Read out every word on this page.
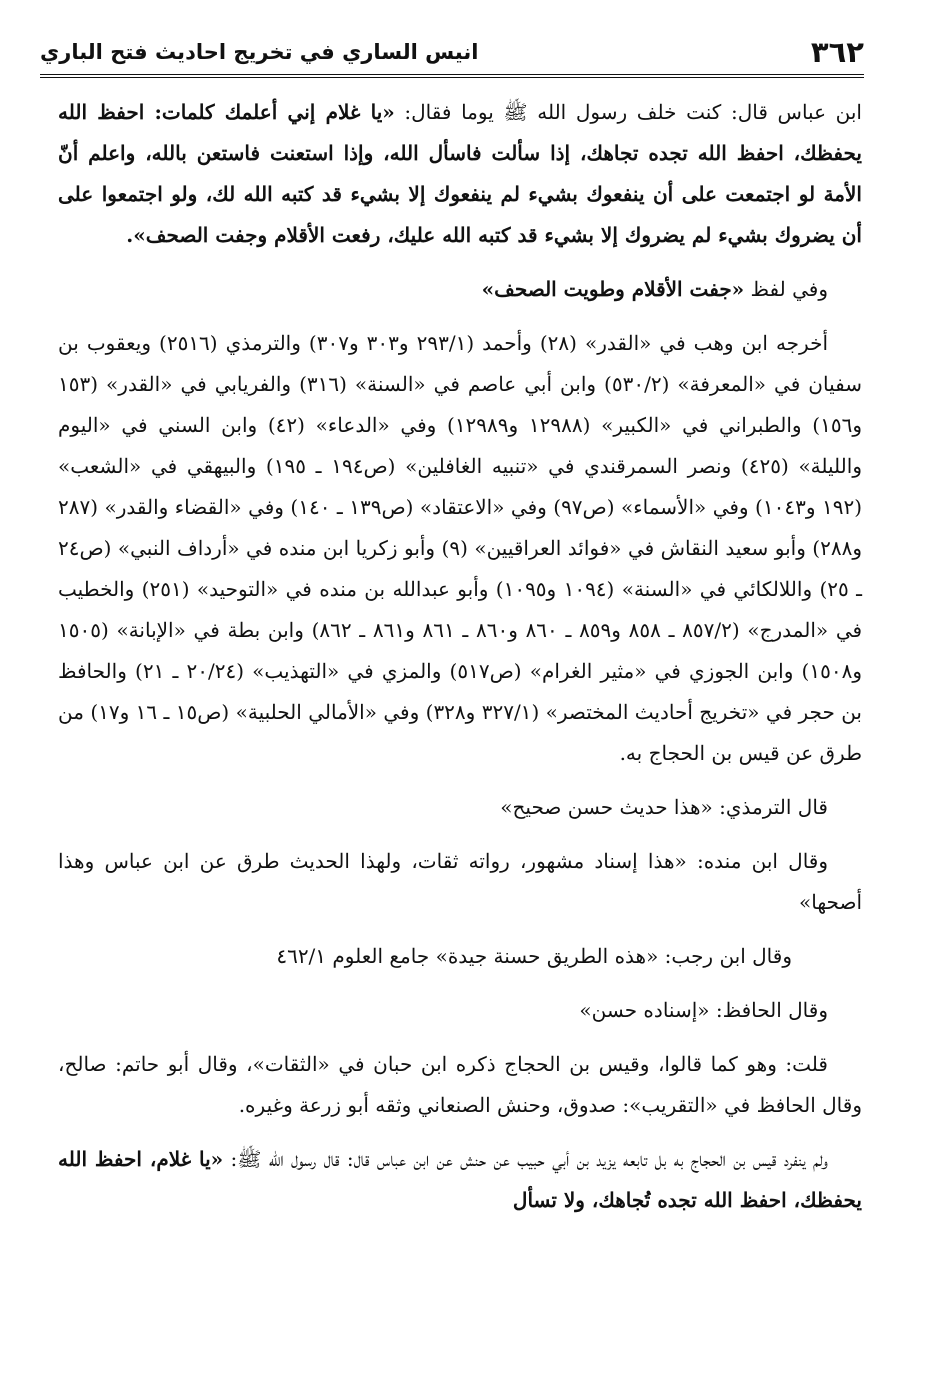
٣٦٢
انيس الساري في تخريج احاديث فتح الباري

ابن عباس قال: كنت خلف رسول الله ﷺ يوما فقال: «يا غلام إني أعلمك كلمات: احفظ الله يحفظك، احفظ الله تجده تجاهك، إذا سألت فاسأل الله، وإذا استعنت فاستعن بالله، واعلم أنّ الأمة لو اجتمعت على أن ينفعوك بشيء لم ينفعوك إلا بشيء قد كتبه الله لك، ولو اجتمعوا على أن يضروك بشيء لم يضروك إلا بشيء قد كتبه الله عليك، رفعت الأقلام وجفت الصحف».

وفي لفظ «جفت الأقلام وطويت الصحف»

أخرجه ابن وهب في «القدر» (٢٨) وأحمد (٢٩٣/١ و٣٠٣ و٣٠٧) والترمذي (٢٥١٦) ويعقوب بن سفيان في «المعرفة» (٥٣٠/٢) وابن أبي عاصم في «السنة» (٣١٦) والفريابي في «القدر» (١٥٣ و١٥٦) والطبراني في «الكبير» (١٢٩٨٨ و١٢٩٨٩) وفي «الدعاء» (٤٢) وابن السني في «اليوم والليلة» (٤٢٥) ونصر السمرقندي في «تنبيه الغافلين» (ص١٩٤ ـ ١٩٥) والبيهقي في «الشعب» (١٩٢ و١٠٤٣) وفي «الأسماء» (ص٩٧) وفي «الاعتقاد» (ص١٣٩ ـ ١٤٠) وفي «القضاء والقدر» (٢٨٧ و٢٨٨) وأبو سعيد النقاش في «فوائد العراقيين» (٩) وأبو زكريا ابن منده في «أرداف النبي» (ص٢٤ ـ ٢٥) واللالكائي في «السنة» (١٠٩٤ و١٠٩٥) وأبو عبدالله بن منده في «التوحيد» (٢٥١) والخطيب في «المدرج» (٨٥٧/٢ ـ ٨٥٨ و٨٥٩ ـ ٨٦٠ و٨٦٠ ـ ٨٦١ و٨٦١ ـ ٨٦٢) وابن بطة في «الإبانة» (١٥٠٥ و١٥٠٨) وابن الجوزي في «مثير الغرام» (ص٥١٧) والمزي في «التهذيب» (٢٠/٢٤ ـ ٢١) والحافظ بن حجر في «تخريج أحاديث المختصر» (٣٢٧/١ و٣٢٨) وفي «الأمالي الحلبية» (ص١٥ ـ ١٦ و١٧) من طرق عن قيس بن الحجاج به.

قال الترمذي: «هذا حديث حسن صحيح»

وقال ابن منده: «هذا إسناد مشهور، رواته ثقات، ولهذا الحديث طرق عن ابن عباس وهذا أصحها»

وقال ابن رجب: «هذه الطريق حسنة جيدة» جامع العلوم ٤٦٢/١

وقال الحافظ: «إسناده حسن»

قلت: وهو كما قالوا، وقيس بن الحجاج ذكره ابن حبان في «الثقات»، وقال أبو حاتم: صالح، وقال الحافظ في «التقريب»: صدوق، وحنش الصنعاني وثقه أبو زرعة وغيره.

ولم ينفرد قيس بن الحجاج به بل تابعه يزيد بن أبي حبيب عن حنش عن ابن عباس قال: قال رسول الله ﷺ: «يا غلام، احفظ الله يحفظك، احفظ الله تجده تُجاهك، ولا تسأل
